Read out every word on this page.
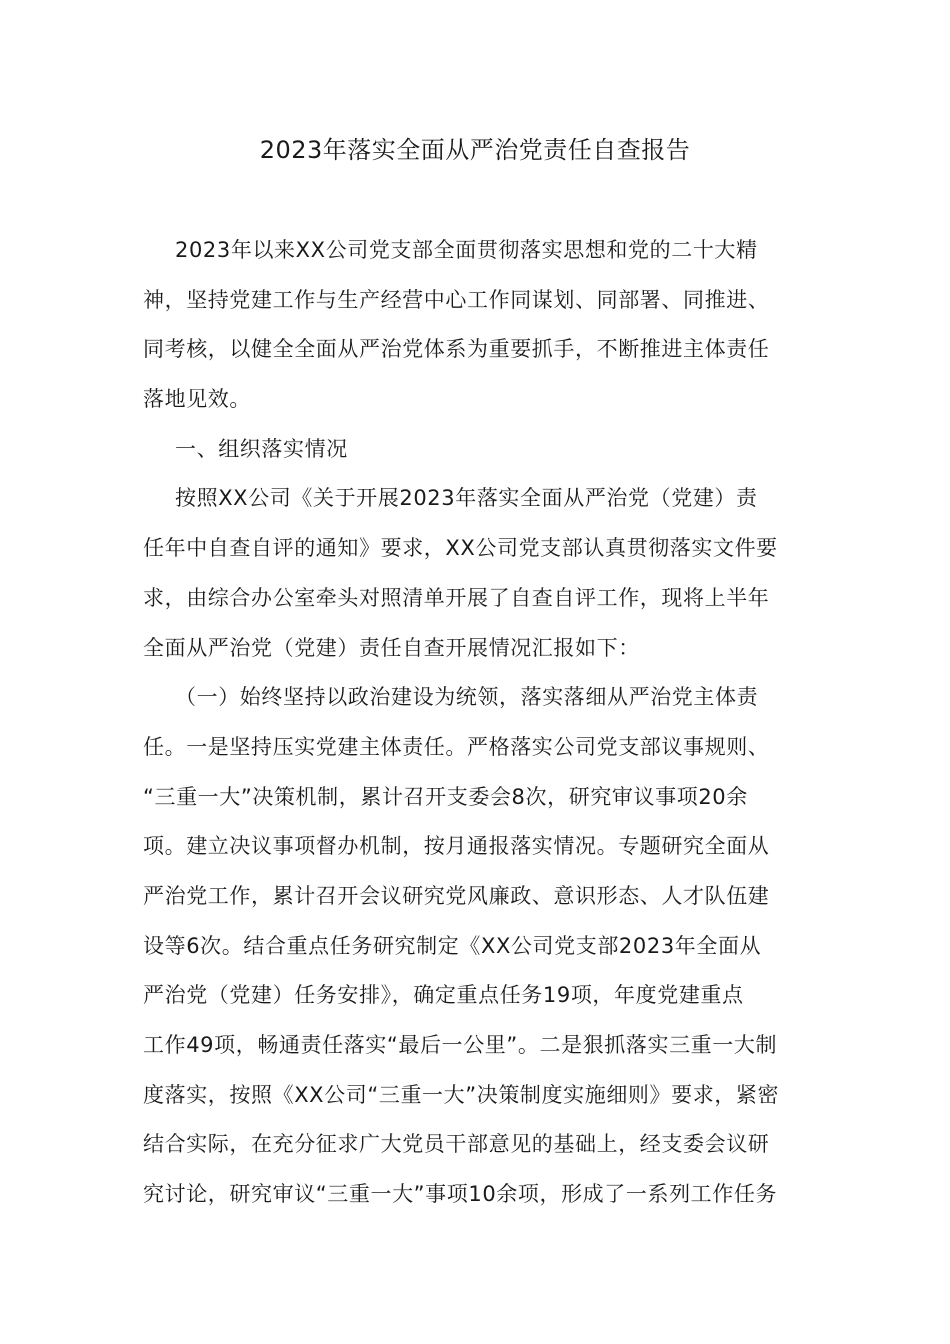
2023年落实全面从严治党责任自查报告
2023年以来XX公司党支部全面贯彻落实思想和党的二十大精
神，坚持党建工作与生产经营中心工作同谋划、同部署、同推进、
同考核，以健全全面从严治党体系为重要抓手，不断推进主体责任
落地见效。
一、组织落实情况
按照XX公司《关于开展2023年落实全面从严治党（党建）责
任年中自查自评的通知》要求，XX公司党支部认真贯彻落实文件要
求，由综合办公室牵头对照清单开展了自查自评工作，现将上半年
全面从严治党（党建）责任自查开展情况汇报如下：
（一）始终坚持以政治建设为统领，落实落细从严治党主体责
任。一是坚持压实党建主体责任。严格落实公司党支部议事规则、
“三重一大”决策机制，累计召开支委会8次，研究审议事项20余
项。建立决议事项督办机制，按月通报落实情况。专题研究全面从
严治党工作，累计召开会议研究党风廉政、意识形态、人才队伍建
设等6次。结合重点任务研究制定《XX公司党支部2023年全面从
严治党（党建）任务安排》，确定重点任务19项，年度党建重点
工作49项，畅通责任落实“最后一公里”。二是狠抓落实三重一大制
度落实，按照《XX公司“三重一大”决策制度实施细则》要求，紧密
结合实际，在充分征求广大党员干部意见的基础上，经支委会议研
究讨论，研究审议“三重一大”事项10余项，形成了一系列工作任务
